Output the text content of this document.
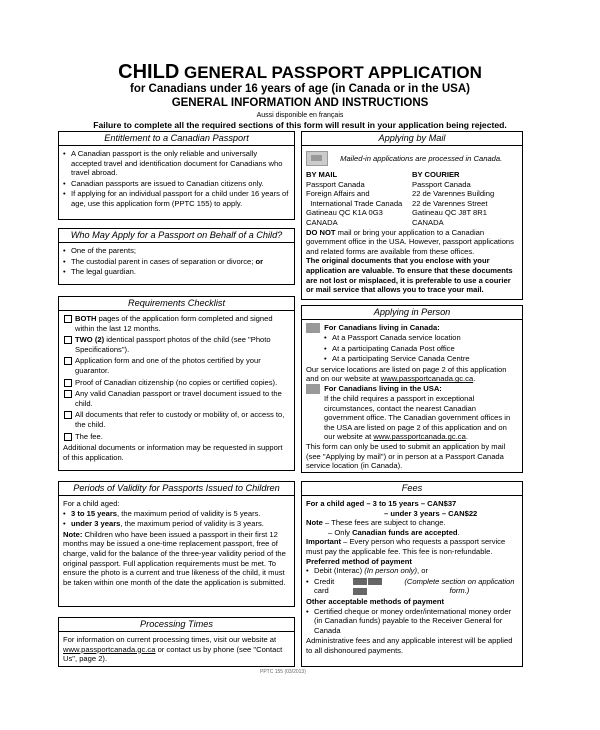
CHILD GENERAL PASSPORT APPLICATION
for Canadians under 16 years of age (in Canada or in the USA)
GENERAL INFORMATION AND INSTRUCTIONS
Aussi disponible en français
Failure to complete all the required sections of this form will result in your application being rejected.
Entitlement to a Canadian Passport
• A Canadian passport is the only reliable and universally accepted travel and identification document for Canadians who travel abroad.
• Canadian passports are issued to Canadian citizens only.
• If applying for an individual passport for a child under 16 years of age, use this application form (PPTC 155) to apply.
Who May Apply for a Passport on Behalf of a Child?
• One of the parents;
• The custodial parent in cases of separation or divorce; or
• The legal guardian.
Requirements Checklist
BOTH pages of the application form completed and signed within the last 12 months.
TWO (2) identical passport photos of the child (see "Photo Specifications").
Application form and one of the photos certified by your guarantor.
Proof of Canadian citizenship (no copies or certified copies).
Any valid Canadian passport or travel document issued to the child.
All documents that refer to custody or mobility of, or access to, the child.
The fee.
Additional documents or information may be requested in support of this application.
Periods of Validity for Passports Issued to Children
For a child aged:
• 3 to 15 years, the maximum period of validity is 5 years.
• under 3 years, the maximum period of validity is 3 years.
Note: Children who have been issued a passport in their first 12 months may be issued a one-time replacement passport, free of charge, valid for the balance of the three-year validity period of the original passport. Full application requirements must be met. To ensure the photo is a current and true likeness of the child, it must be taken within one month of the date the application is submitted.
Processing Times
For information on current processing times, visit our website at www.passportcanada.gc.ca or contact us by phone (see "Contact Us", page 2).
Applying by Mail
Mailed-in applications are processed in Canada.
BY MAIL
Passport Canada
Foreign Affairs and
International Trade Canada
Gatineau QC K1A 0G3
CANADA
BY COURIER
Passport Canada
22 de Varennes Building
22 de Varennes Street
Gatineau QC J8T 8R1
CANADA
DO NOT mail or bring your application to a Canadian government office in the USA. However, passport applications and related forms are available from these offices.
The original documents that you enclose with your application are valuable. To ensure that these documents are not lost or misplaced, it is preferable to use a courier or mail service that allows you to trace your mail.
Applying in Person
For Canadians living in Canada:
• At a Passport Canada service location
• At a participating Canada Post office
• At a participating Service Canada Centre
Our service locations are listed on page 2 of this application and on our website at www.passportcanada.gc.ca.
For Canadians living in the USA:
If the child requires a passport in exceptional circumstances, contact the nearest Canadian government office. The Canadian government offices in the USA are listed on page 2 of this application and on our website at www.passportcanada.gc.ca.
This form can only be used to submit an application by mail (see "Applying by mail") or in person at a Passport Canada service location (in Canada).
Fees
For a child aged – 3 to 15 years – CAN$37
– under 3 years – CAN$22
Note – These fees are subject to change.
– Only Canadian funds are accepted.
Important – Every person who requests a passport service must pay the applicable fee. This fee is non-refundable.
Preferred method of payment
• Debit (Interac) (In person only), or
• Credit card
(Complete section on application form.)
Other acceptable methods of payment
• Certified cheque or money order/international money order (in Canadian funds) payable to the Receiver General for Canada
Administrative fees and any applicable interest will be applied to all dishonoured payments.
PPTC 155 (03/2013)
